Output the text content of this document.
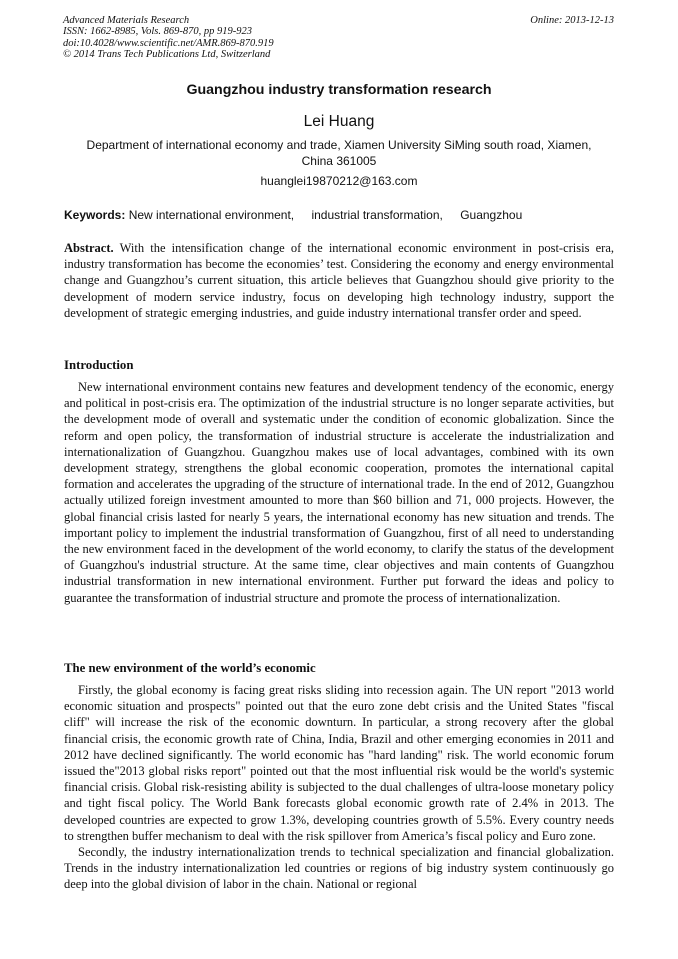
Advanced Materials Research
ISSN: 1662-8985, Vols. 869-870, pp 919-923
doi:10.4028/www.scientific.net/AMR.869-870.919
© 2014 Trans Tech Publications Ltd, Switzerland
Online: 2013-12-13
Guangzhou industry transformation research
Lei Huang
Department of international economy and trade, Xiamen University SiMing south road, Xiamen, China 361005
huanglei19870212@163.com
Keywords: New international environment, industrial transformation, Guangzhou

Abstract. With the intensification change of the international economic environment in post-crisis era, industry transformation has become the economies’ test. Considering the economy and energy environmental change and Guangzhou’s current situation, this article believes that Guangzhou should give priority to the development of modern service industry, focus on developing high technology industry, support the development of strategic emerging industries, and guide industry international transfer order and speed.

Introduction

New international environment contains new features and development tendency of the economic, energy and political in post-crisis era. The optimization of the industrial structure is no longer separate activities, but the development mode of overall and systematic under the condition of economic globalization. Since the reform and open policy, the transformation of industrial structure is accelerate the industrialization and internationalization of Guangzhou. Guangzhou makes use of local advantages, combined with its own development strategy, strengthens the global economic cooperation, promotes the international capital formation and accelerates the upgrading of the structure of international trade. In the end of 2012, Guangzhou actually utilized foreign investment amounted to more than $60 billion and 71, 000 projects. However, the global financial crisis lasted for nearly 5 years, the international economy has new situation and trends. The important policy to implement the industrial transformation of Guangzhou, first of all need to understanding the new environment faced in the development of the world economy, to clarify the status of the development of Guangzhou's industrial structure. At the same time, clear objectives and main contents of Guangzhou industrial transformation in new international environment. Further put forward the ideas and policy to guarantee the transformation of industrial structure and promote the process of internationalization.

The new environment of the world’s economic

Firstly, the global economy is facing great risks sliding into recession again. The UN report "2013 world economic situation and prospects" pointed out that the euro zone debt crisis and the United States "fiscal cliff" will increase the risk of the economic downturn. In particular, a strong recovery after the global financial crisis, the economic growth rate of China, India, Brazil and other emerging economies in 2011 and 2012 have declined significantly. The world economic has "hard landing" risk. The world economic forum issued the"2013 global risks report" pointed out that the most influential risk would be the world's systemic financial crisis. Global risk-resisting ability is subjected to the dual challenges of ultra-loose monetary policy and tight fiscal policy. The World Bank forecasts global economic growth rate of 2.4% in 2013. The developed countries are expected to grow 1.3%, developing countries growth of 5.5%. Every country needs to strengthen buffer mechanism to deal with the risk spillover from America’s fiscal policy and Euro zone.

Secondly, the industry internationalization trends to technical specialization and financial globalization. Trends in the industry internationalization led countries or regions of big industry system continuously go deep into the global division of labor in the chain. National or regional
